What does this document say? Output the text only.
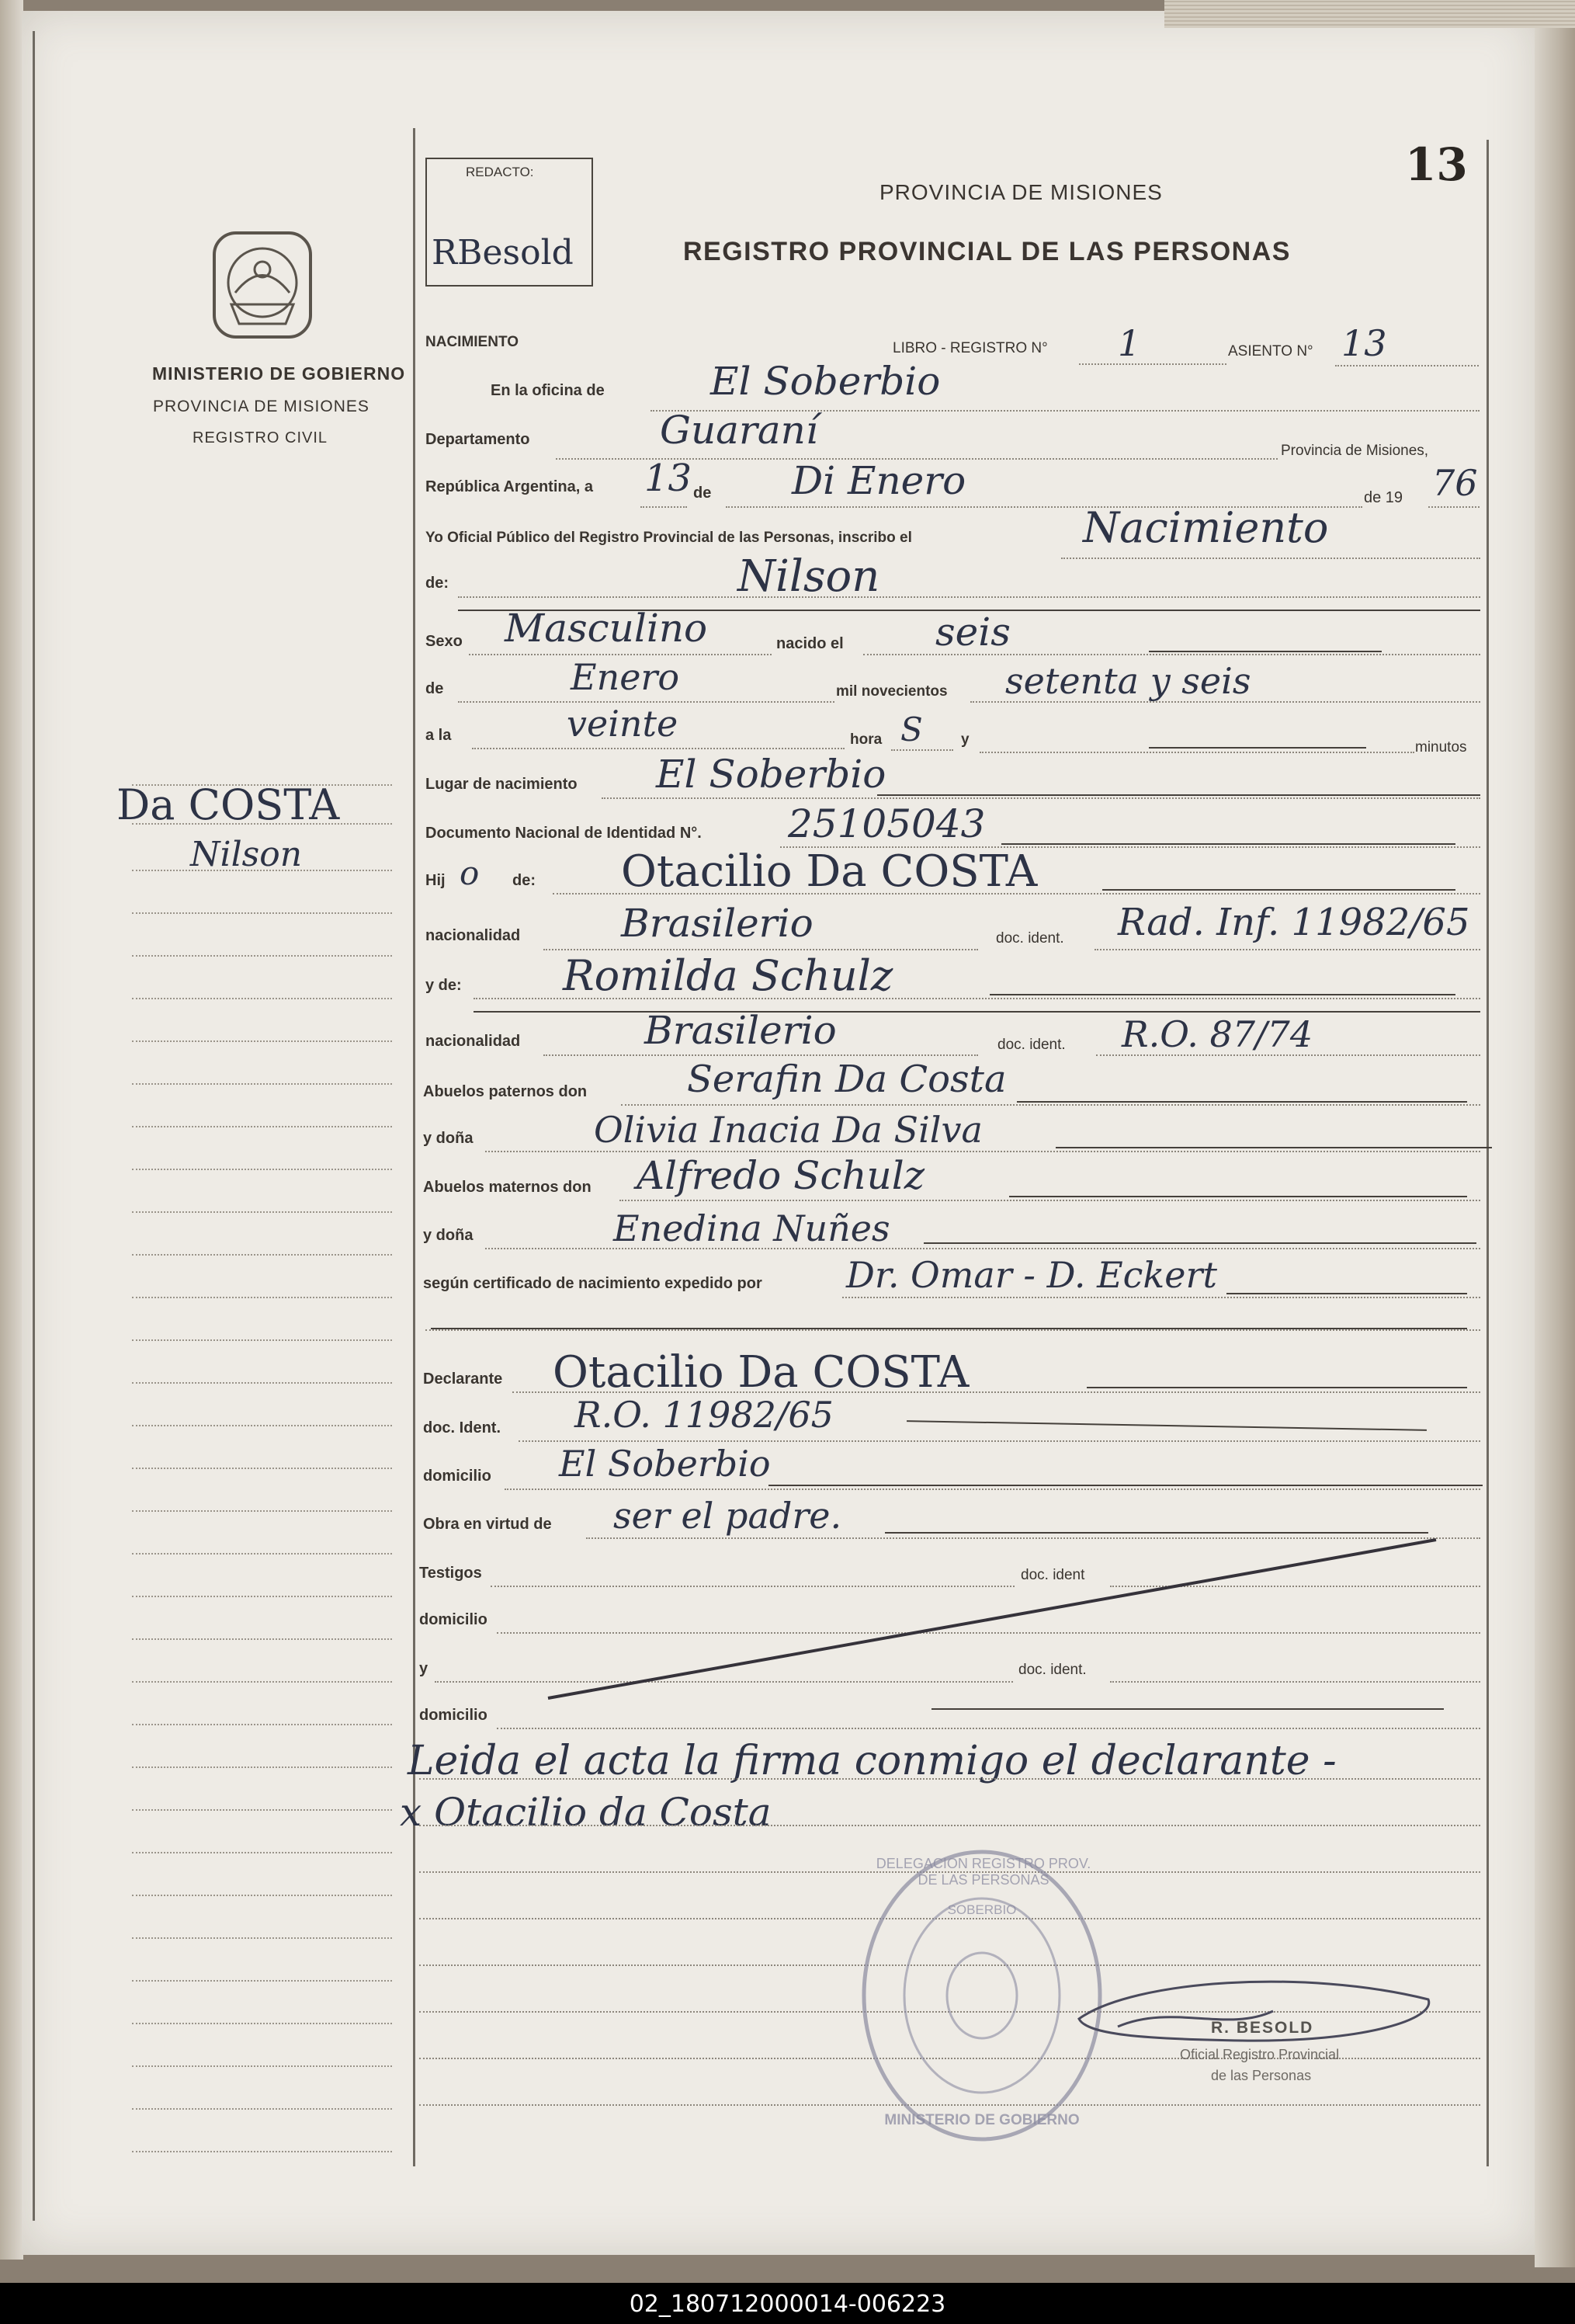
13
MINISTERIO DE GOBIERNO
PROVINCIA DE MISIONES
REGISTRO CIVIL
Da COSTA
Nilson
REDACTO:
RBesold
PROVINCIA DE MISIONES
REGISTRO PROVINCIAL DE LAS PERSONAS
NACIMIENTO	LIBRO - REGISTRO N° 1	ASIENTO N° 13
En la oficina de	El Soberbio
Departamento	Guaraní	Provincia de Misiones,
República Argentina, a 13 de Di Enero	de 19 76
Yo Oficial Público del Registro Provincial de las Personas, inscribo el	Nacimiento
de:	Nilson
Sexo Masculino	nacido el seis
de	Enero	mil novecientos setenta y seis
a la	veinte	hora S	y	minutos
Lugar de nacimiento El Soberbio
Documento Nacional de Identidad N°. 25105043
Hij o de: Otacilio Da COSTA
nacionalidad	Brasilerio	doc. ident. Rad. Inf. 11982/65
y de: Romilda Schulz
nacionalidad	Brasilerio	doc. ident. R.O. 87/74
Abuelos paternos don	Serafin Da Costa
y doña	Olivia Inacia Da Silva
Abuelos maternos don Alfredo Schulz
y doña	Enedina Nuñes
según certificado de nacimiento expedido por Dr. Omar - D. Eckert
Declarante Otacilio Da COSTA
doc. Ident. R.O. 11982/65
domicilio El Soberbio
Obra en virtud de ser el padre.
Testigos	doc. ident
domicilio
y	doc. ident.
domicilio
Leida el acta la firma conmigo el declarante -
x Otacilio da Costa
DELEGACION REGISTRO PROV. DE LAS PERSONAS
SOBERBIO
MINISTERIO DE GOBIERNO
R. BESOLD
Oficial Registro Provincial
de las Personas
02_180712000014-006223
